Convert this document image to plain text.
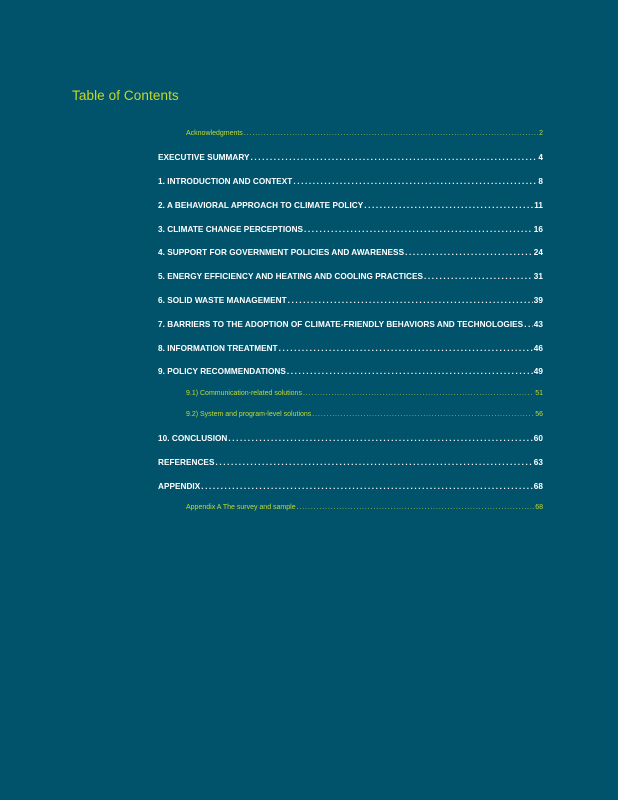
Table of Contents
Acknowledgments .....	2
EXECUTIVE SUMMARY .....	4
1. INTRODUCTION AND CONTEXT .....	8
2. A BEHAVIORAL APPROACH TO CLIMATE POLICY .....	11
3. CLIMATE CHANGE PERCEPTIONS .....	16
4. SUPPORT FOR GOVERNMENT POLICIES AND AWARENESS .....	24
5. ENERGY EFFICIENCY AND HEATING AND COOLING PRACTICES .....	31
6. SOLID WASTE MANAGEMENT .....	39
7. BARRIERS TO THE ADOPTION OF CLIMATE-FRIENDLY BEHAVIORS AND TECHNOLOGIES ..... 43
8. INFORMATION TREATMENT .....	46
9. POLICY RECOMMENDATIONS .....	49
9.1) Communication-related solutions .....	51
9.2) System and program-level solutions .....	56
10. CONCLUSION .....	60
REFERENCES .....	63
APPENDIX .....	68
Appendix A The survey and sample .....	68
